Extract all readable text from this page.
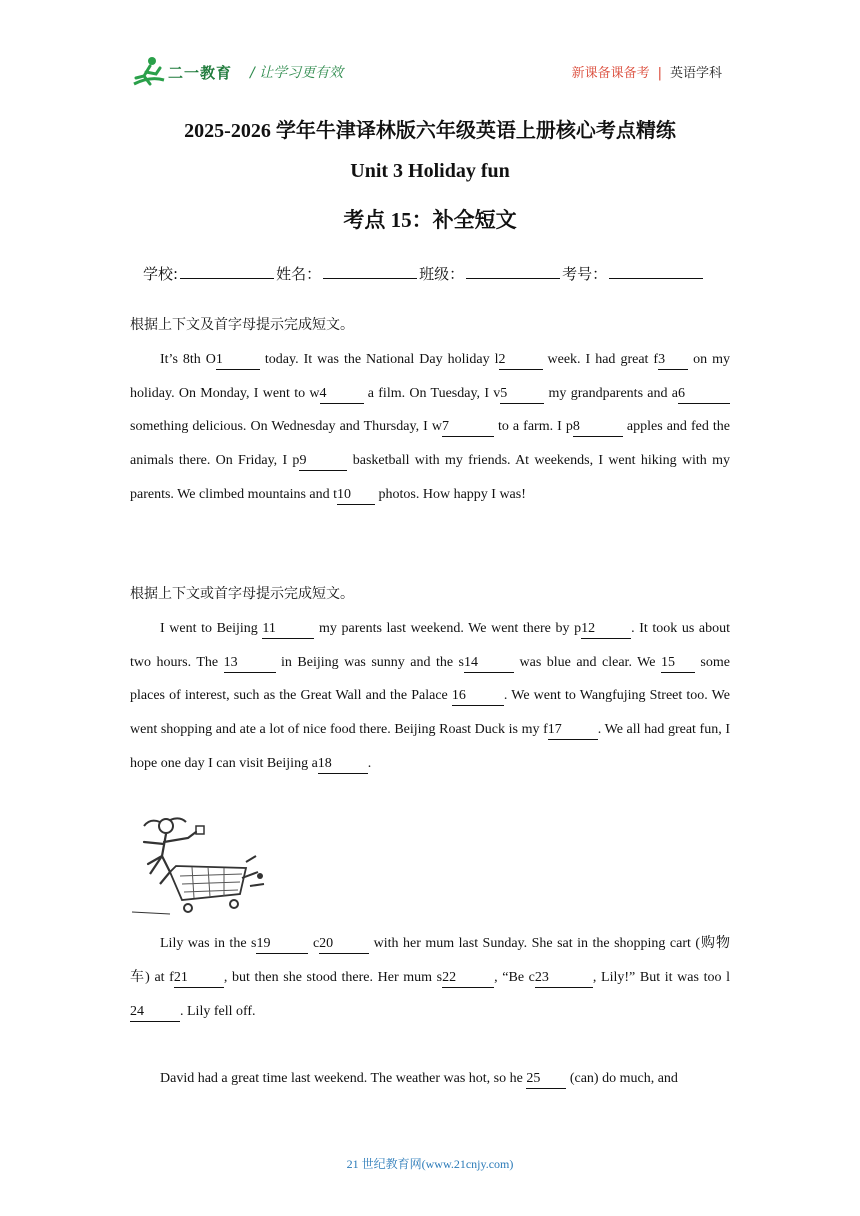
二一教育 / 让学习更有效	新课备课备考 | 英语学科
2025-2026 学年牛津译林版六年级英语上册核心考点精练
Unit 3 Holiday fun
考点 15：补全短文
学校:	姓名：	班级：	考号：
根据上下文及首字母提示完成短文。
It’s 8th O1	today. It was the National Day holiday l2	week. I had great f3 on my holiday. On Monday, I went to w4	a film. On Tuesday, I v5	my grandparents and a6 something delicious. On Wednesday and Thursday, I w7	to a farm. I p8	apples and fed the animals there. On Friday, I p9	basketball with my friends. At weekends, I went hiking with my parents. We climbed mountains and t10 photos. How happy I was!
根据上下文或首字母提示完成短文。
I went to Beijing 11	my parents last weekend. We went there by p12	. It took us about two hours. The 13	in Beijing was sunny and the s14	was blue and clear. We 15 some places of interest, such as the Great Wall and the Palace 16	. We went to Wangfujing Street too. We went shopping and ate a lot of nice food there. Beijing Roast Duck is my f17	. We all had great fun, I hope one day I can visit Beijing a18	.
Lily was in the s19	c20	with her mum last Sunday. She sat in the shopping cart (购物车) at f21	, but then she stood there. Her mum s22	, “Be c23	, Lily!” But it was too l24	. Lily fell off.
David had a great time last weekend. The weather was hot, so he 25 (can) do much, and
21 世纪教育网(www.21cnjy.com)
